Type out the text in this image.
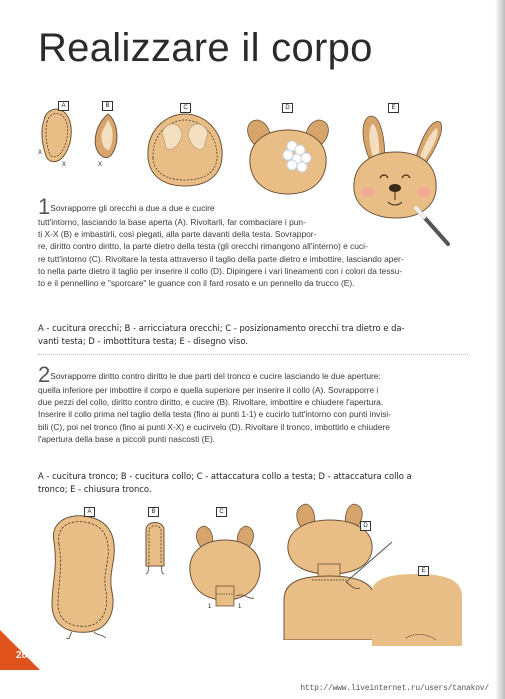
Realizzare il corpo
X
X
A
X
B	C	D	E

1Sovrapporre gli orecchi a due a due e cucire

tutt'intorno, lasciando la base aperta (A). Rivoltarli, far combaciare i pun-

ti X-X (B) e imbastirli, così piegati, alla parte davanti della testa. Sovrappor-

re, diritto contro diritto, la parte dietro della testa (gli orecchi rimangono all'interno) e cuci-

re tutt'intorno (C). Rivoltare la testa attraverso il taglio della parte dietro e imbottire, lasciando aper-

to nella parte dietro il taglio per inserire il collo (D). Dipingere i vari lineamenti con i colori da tessu-

to e il pennellino e "sporcare" le guance con il fard rosato e un pennello da trucco (E).

A - cucitura orecchi; B - arricciatura orecchi; C - posizionamento orecchi tra dietro e da-
vanti testa; D - imbottitura testa; E - disegno viso.

2Sovrapporre diritto contro diritto le due parti del tronco e cucire lasciando le due aperture:

quella inferiore per imbottire il corpo e quella superiore per inserire il collo (A). Sovrapporre i

due pezzi del collo, diritto contro diritto, e cucire (B). Rivoltare, imbottire e chiudere l'apertura.

Inserire il collo prima nel taglio della testa (fino ai punti 1-1) e cucirlo tutt'intorno con punti invisi-

bili (C), poi nel tronco (fino ai punti X-X) e cucirvelo (D). Rivoltare il tronco, imbottirlo e chiudere

l'apertura della base a piccoli punti nascosti (E).

A - cucitura tronco; B - cucitura collo; C - attaccatura collo a testa; D - attaccatura collo a
tronco; E - chiusura tronco.
A	B
1	1
C
D
E
28
http://www.liveinternet.ru/users/tanakov/
